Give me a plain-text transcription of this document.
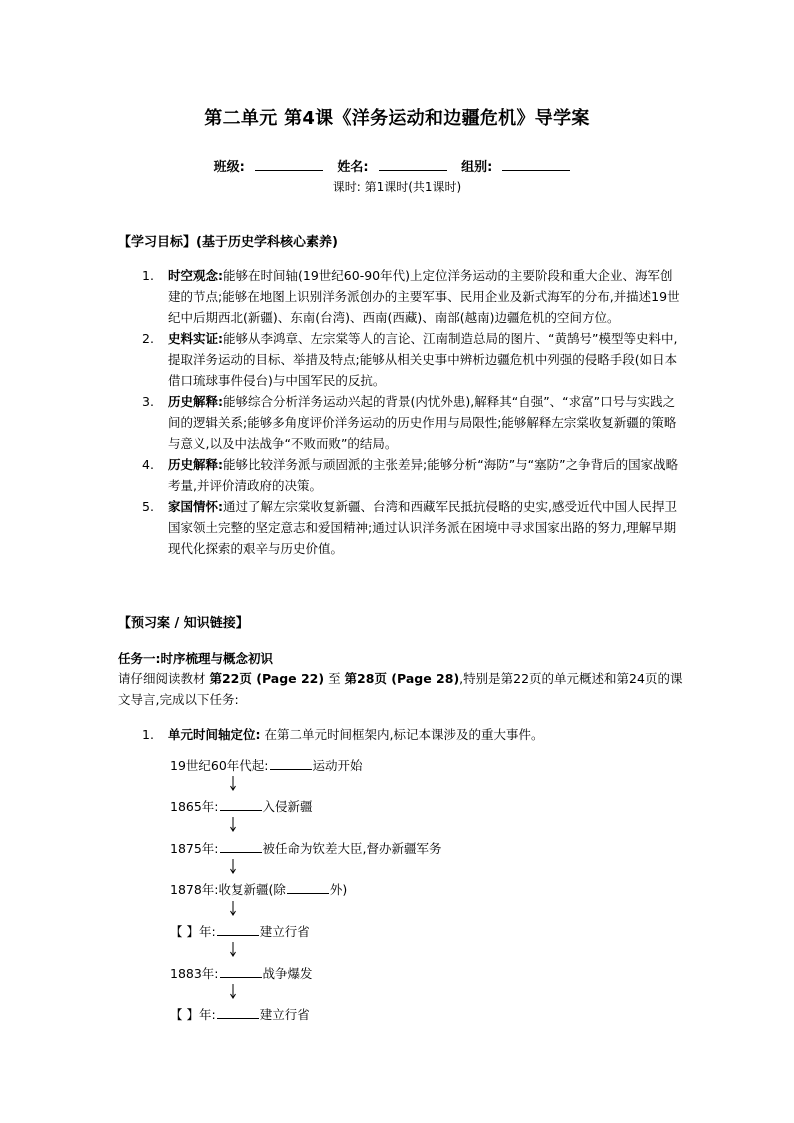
第二单元 第4课《洋务运动和边疆危机》导学案
班级:	姓名:	组别:
课时: 第1课时(共1课时)
【学习目标】(基于历史学科核心素养)
1. 时空观念:能够在时间轴(19世纪60-90年代)上定位洋务运动的主要阶段和重大企业、海军创建的节点;能够在地图上识别洋务派创办的主要军事、民用企业及新式海军的分布,并描述19世纪中后期西北(新疆)、东南(台湾)、西南(西藏)、南部(越南)边疆危机的空间方位。
2. 史料实证:能够从李鸿章、左宗棠等人的言论、江南制造总局的图片、“黄鹄号”模型等史料中,提取洋务运动的目标、举措及特点;能够从相关史事中辨析边疆危机中列强的侵略手段(如日本借口琉球事件侵台)与中国军民的反抗。
3. 历史解释:能够综合分析洋务运动兴起的背景(内忧外患),解释其“自强”、“求富”口号与实践之间的逻辑关系;能够多角度评价洋务运动的历史作用与局限性;能够解释左宗棠收复新疆的策略与意义,以及中法战争“不败而败”的结局。
4. 历史解释:能够比较洋务派与顽固派的主张差异;能够分析“海防”与“塞防”之争背后的国家战略考量,并评价清政府的决策。
5. 家国情怀:通过了解左宗棠收复新疆、台湾和西藏军民抵抗侵略的史实,感受近代中国人民捍卫国家领土完整的坚定意志和爱国精神;通过认识洋务派在困境中寻求国家出路的努力,理解早期现代化探索的艰辛与历史价值。
【预习案 / 知识链接】
任务一:时序梳理与概念初识
请仔细阅读教材 第22页 (Page 22) 至 第28页 (Page 28),特别是第22页的单元概述和第24页的课文导言,完成以下任务:
1. 单元时间轴定位: 在第二单元时间框架内,标记本课涉及的重大事件。
19世纪60年代起:	运动开始
1865年:	入侵新疆
1875年:	被任命为钦差大臣,督办新疆军务
1878年:收复新疆(除	外)
【 】年:	建立行省
1883年:	战争爆发
【 】年:	建立行省
